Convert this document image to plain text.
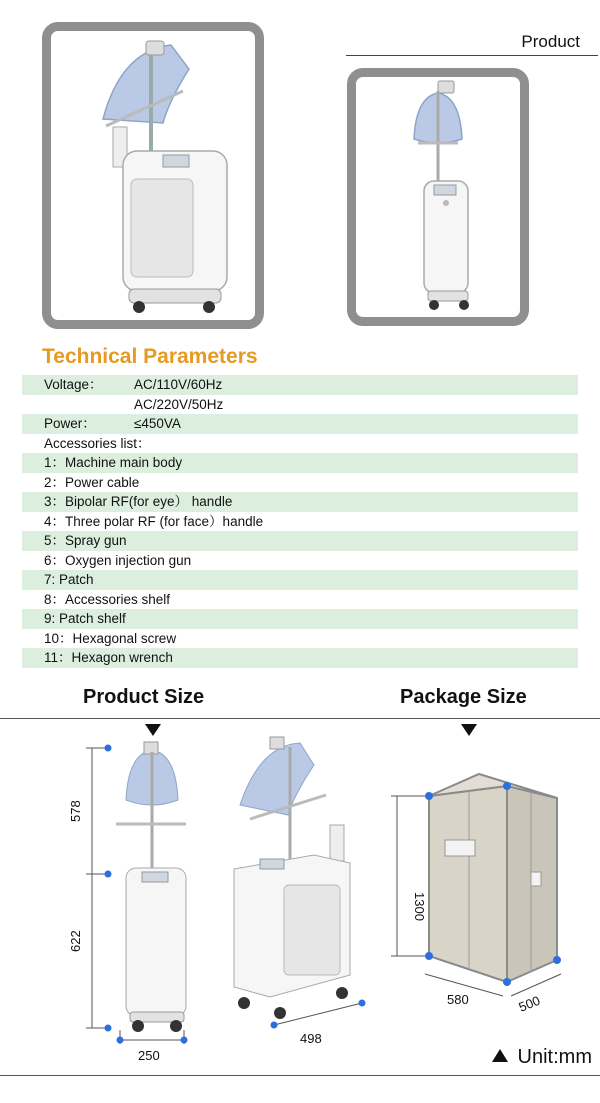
Product
Technical Parameters
Voltage： AC/110V/60Hz
AC/220V/50Hz
Power：	≤450VA
Accessories list：
1：Machine main body
2：Power cable
3：Bipolar RF(for eye） handle
4：Three polar RF (for face）handle
5：Spray gun
6：Oxygen injection gun
7: Patch
8：Accessories shelf
9: Patch shelf
10：Hexagonal screw
11：Hexagon wrench
Product Size	Package Size
578
622
250
498
1300
580	500
Unit:mm
